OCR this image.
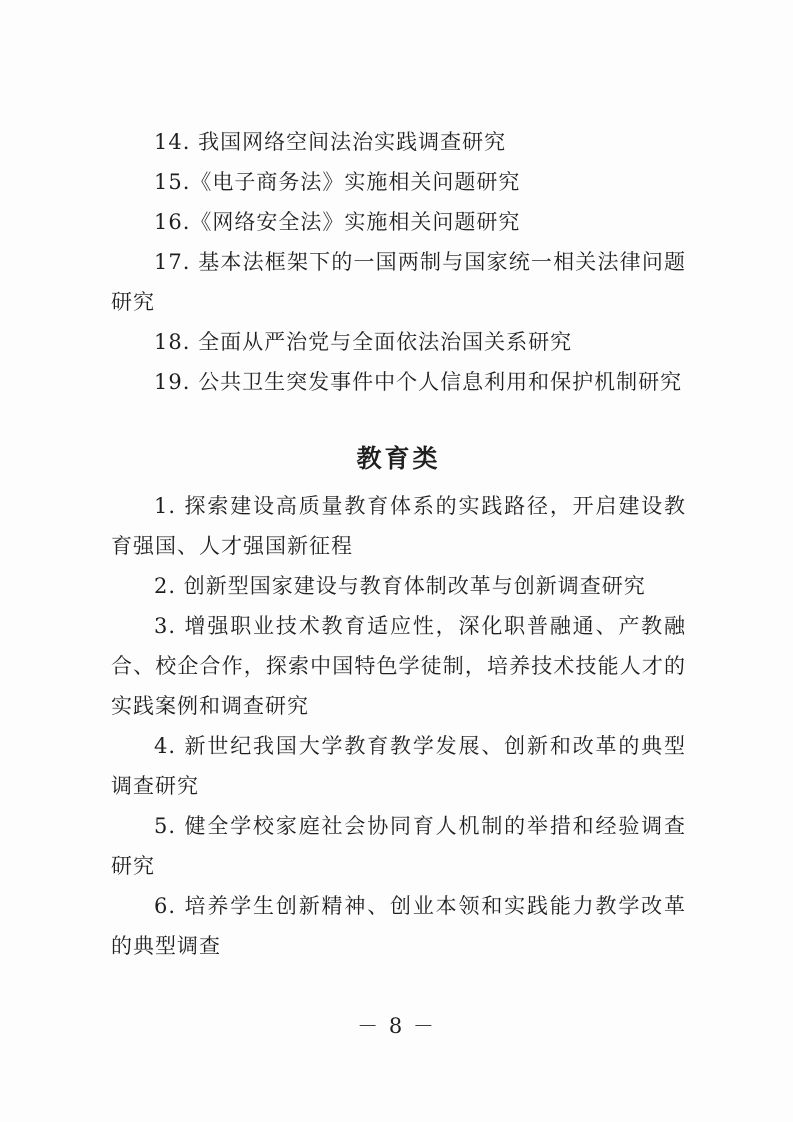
14. 我国网络空间法治实践调查研究

15.《电子商务法》实施相关问题研究

16.《网络安全法》实施相关问题研究

17. 基本法框架下的一国两制与国家统一相关法律问题研究

18. 全面从严治党与全面依法治国关系研究

19. 公共卫生突发事件中个人信息利用和保护机制研究

教育类

1. 探索建设高质量教育体系的实践路径，开启建设教育强国、人才强国新征程

2. 创新型国家建设与教育体制改革与创新调查研究

3. 增强职业技术教育适应性，深化职普融通、产教融合、校企合作，探索中国特色学徒制，培养技术技能人才的实践案例和调查研究

4. 新世纪我国大学教育教学发展、创新和改革的典型调查研究

5. 健全学校家庭社会协同育人机制的举措和经验调查研究

6. 培养学生创新精神、创业本领和实践能力教学改革的典型调查

－ 8 －
